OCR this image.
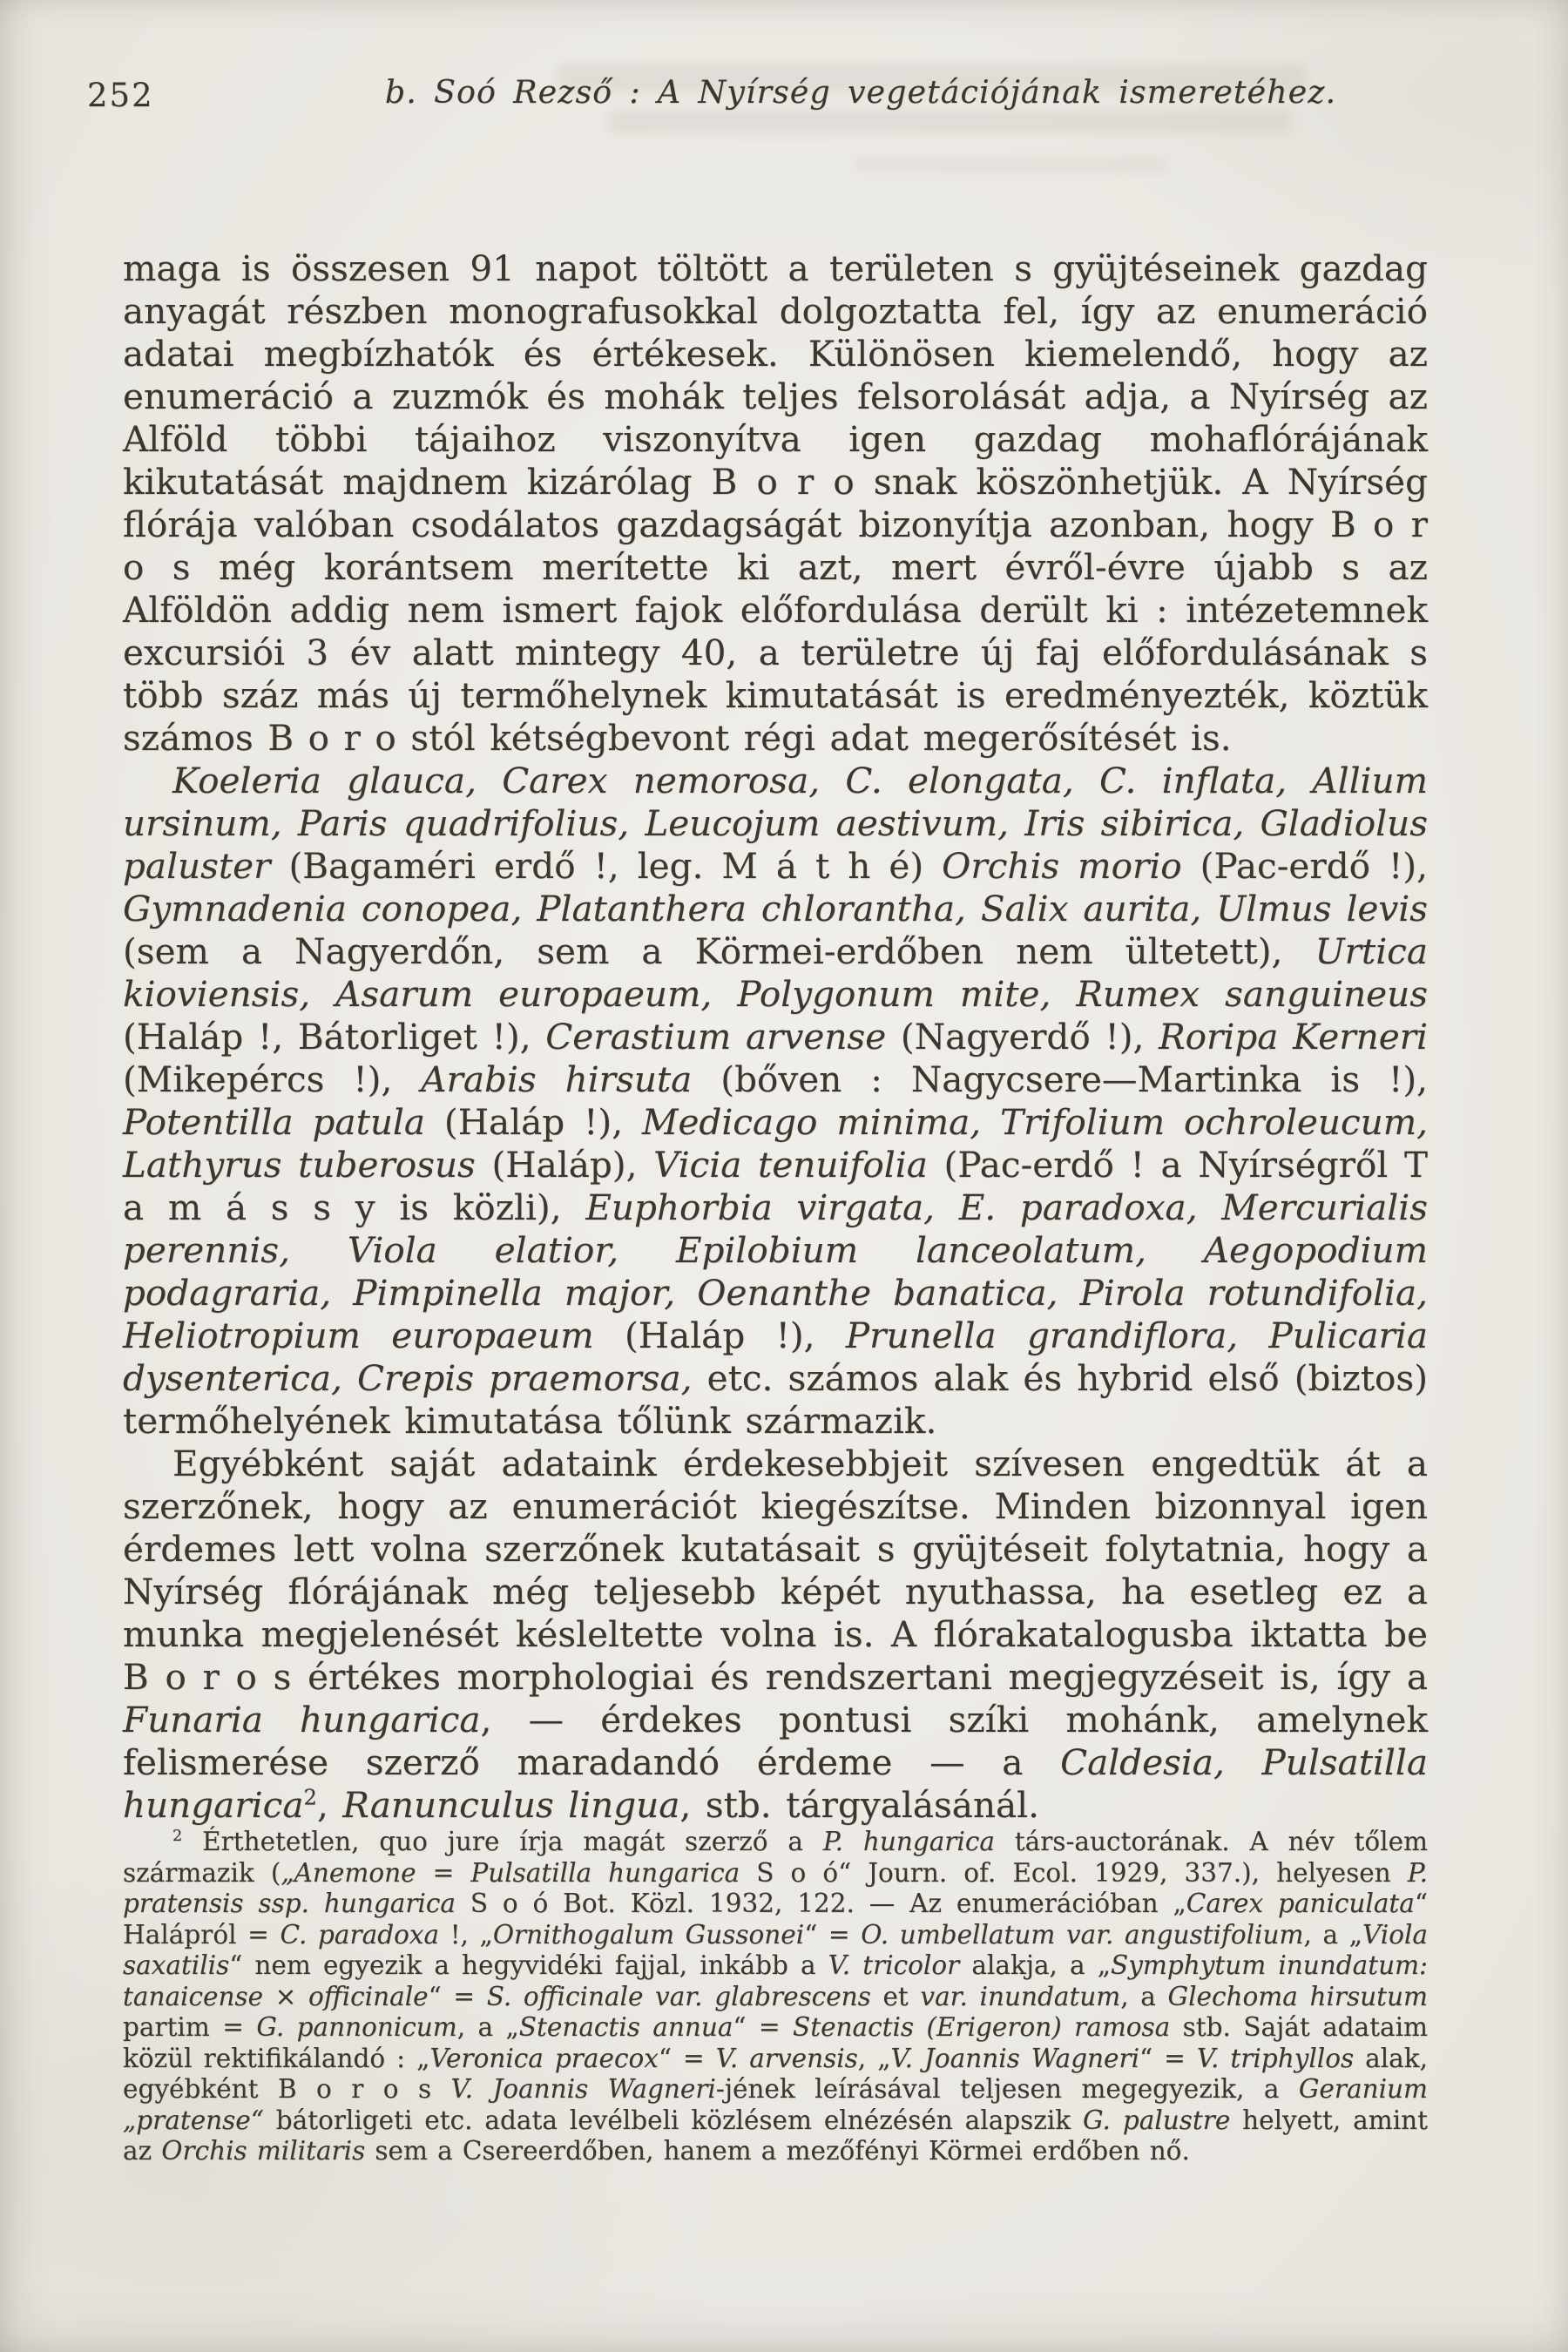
252	b. Soó Rezső : A Nyírség vegetációjának ismeretéhez.

maga is összesen 91 napot töltött a területen s gyüjtéseinek gazdag anyagát részben monografusokkal dolgoztatta fel, így az enumeráció adatai megbízhatók és értékesek. Különösen kiemelendő, hogy az enumeráció a zuzmók és mohák teljes felsorolását adja, a Nyírség az Alföld többi tájaihoz viszonyítva igen gazdag mohaflórájának kikutatását majdnem kizárólag B o r o snak köszönhetjük. A Nyírség flórája valóban csodálatos gazdagságát bizonyítja azonban, hogy B o r o s még korántsem merítette ki azt, mert évről-évre újabb s az Alföldön addig nem ismert fajok előfordulása derült ki : intézetemnek excursiói 3 év alatt mintegy 40, a területre új faj előfordulásának s több száz más új termőhelynek kimutatását is eredményezték, köztük számos B o r o stól kétségbevont régi adat megerősítését is.

Koeleria glauca, Carex nemorosa, C. elongata, C. inflata, Allium ursinum, Paris quadrifolius, Leucojum aestivum, Iris sibirica, Gladiolus paluster (Bagaméri erdő !, leg. M á t h é) Orchis morio (Pac-erdő !), Gymnadenia conopea, Platanthera chlorantha, Salix aurita, Ulmus levis (sem a Nagyerdőn, sem a Körmei-erdőben nem ültetett), Urtica kioviensis, Asarum europaeum, Polygonum mite, Rumex sanguineus (Haláp !, Bátorliget !), Cerastium arvense (Nagyerdő !), Roripa Kerneri (Mikepércs !), Arabis hirsuta (bőven : Nagycsere—Martinka is !), Potentilla patula (Haláp !), Medicago minima, Trifolium ochroleucum, Lathyrus tuberosus (Haláp), Vicia tenuifolia (Pac-erdő ! a Nyírségről T a m á s s y is közli), Euphorbia virgata, E. paradoxa, Mercurialis perennis, Viola elatior, Epilobium lanceolatum, Aegopodium podagraria, Pimpinella major, Oenanthe banatica, Pirola rotundifolia, Heliotropium europaeum (Haláp !), Prunella grandiflora, Pulicaria dysenterica, Crepis praemorsa, etc. számos alak és hybrid első (biztos) termőhelyének kimutatása tőlünk származik.

Egyébként saját adataink érdekesebbjeit szívesen engedtük át a szerzőnek, hogy az enumerációt kiegészítse. Minden bizonnyal igen érdemes lett volna szerzőnek kutatásait s gyüjtéseit folytatnia, hogy a Nyírség flórájának még teljesebb képét nyuthassa, ha esetleg ez a munka megjelenését késleltette volna is. A flórakatalogusba iktatta be B o r o s értékes morphologiai és rendszertani megjegyzéseit is, így a Funaria hungarica, — érdekes pontusi szíki mohánk, amelynek felismerése szerző maradandó érdeme — a Caldesia, Pulsatilla hungarica$^2$, Ranunculus lingua, stb. tárgyalásánál.

$^2$ Érthetetlen, quo jure írja magát szerző a P. hungarica társ-auctorának. A név tőlem származik („Anemone = Pulsatilla hungarica S o ó“ Journ. of. Ecol. 1929, 337.), helyesen P. pratensis ssp. hungarica S o ó Bot. Közl. 1932, 122. — Az enumerációban „Carex paniculata“ Halápról = C. paradoxa !, „Ornithogalum Gussonei“ = O. umbellatum var. angustifolium, a „Viola saxatilis“ nem egyezik a hegyvidéki fajjal, inkább a V. tricolor alakja, a „Symphytum inundatum: tanaicense × officinale“ = S. officinale var. glabrescens et var. inundatum, a Glechoma hirsutum partim = G. pannonicum, a „Stenactis annua“ = Stenactis (Erigeron) ramosa stb. Saját adataim közül rektifikálandó : „Veronica praecox“ = V. arvensis, „V. Joannis Wagneri“ = V. triphyllos alak, egyébként B o r o s V. Joannis Wagneri-jének leírásával teljesen megegyezik, a Geranium „pratense“ bátorligeti etc. adata levélbeli közlésem elnézésén alapszik G. palustre helyett, amint az Orchis militaris sem a Csereerdőben, hanem a mezőfényi Körmei erdőben nő.
